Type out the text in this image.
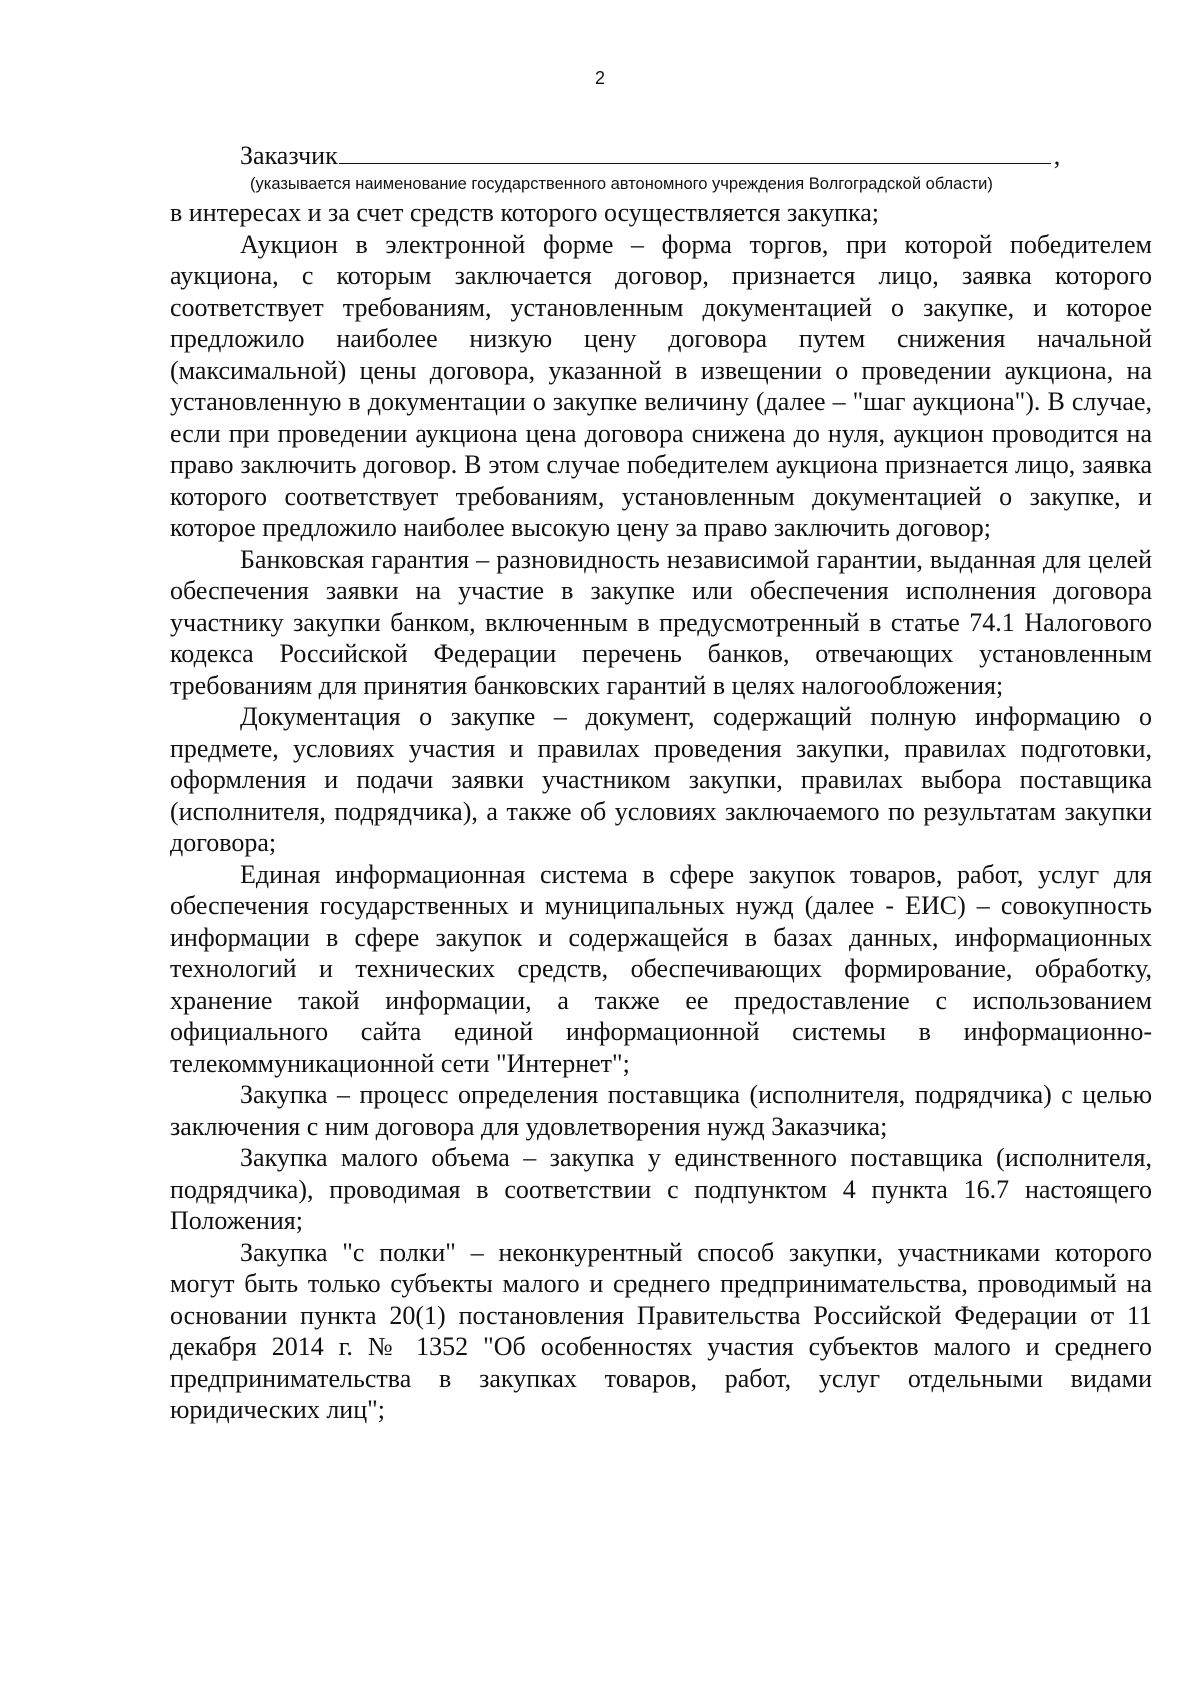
2
Заказчик	,
(указывается наименование государственного автономного учреждения Волгоградской области)

в интересах и за счет средств которого осуществляется закупка;

Аукцион в электронной форме – форма торгов, при которой победителем аукциона, с которым заключается договор, признается лицо, заявка которого соответствует требованиям, установленным документацией о закупке, и которое предложило наиболее низкую цену договора путем снижения начальной (максимальной) цены договора, указанной в извещении о проведении аукциона, на установленную в документации о закупке величину (далее – "шаг аукциона"). В случае, если при проведении аукциона цена договора снижена до нуля, аукцион проводится на право заключить договор. В этом случае победителем аукциона признается лицо, заявка которого соответствует требованиям, установленным документацией о закупке, и которое предложило наиболее высокую цену за право заключить договор;

Банковская гарантия – разновидность независимой гарантии, выданная для целей обеспечения заявки на участие в закупке или обеспечения исполнения договора участнику закупки банком, включенным в предусмотренный в статье 74.1 Налогового кодекса Российской Федерации перечень банков, отвечающих установленным требованиям для принятия банковских гарантий в целях налогообложения;

Документация о закупке – документ, содержащий полную информацию о предмете, условиях участия и правилах проведения закупки, правилах подготовки, оформления и подачи заявки участником закупки, правилах выбора поставщика (исполнителя, подрядчика), а также об условиях заключаемого по результатам закупки договора;

Единая информационная система в сфере закупок товаров, работ, услуг для обеспечения государственных и муниципальных нужд (далее - ЕИС) – совокупность информации в сфере закупок и содержащейся в базах данных, информационных технологий и технических средств, обеспечивающих формирование, обработку, хранение такой информации, а также ее предоставление с использованием официального сайта единой информационной системы в информационно-телекоммуникационной сети "Интернет";

Закупка – процесс определения поставщика (исполнителя, подрядчика) с целью заключения с ним договора для удовлетворения нужд Заказчика;

Закупка малого объема – закупка у единственного поставщика (исполнителя, подрядчика), проводимая в соответствии с подпунктом 4 пункта 16.7 настоящего Положения;

Закупка "с полки" – неконкурентный способ закупки, участниками которого могут быть только субъекты малого и среднего предпринимательства, проводимый на основании пункта 20(1) постановления Правительства Российской Федерации от 11 декабря 2014 г. № 1352 "Об особенностях участия субъектов малого и среднего предпринимательства в закупках товаров, работ, услуг отдельными видами юридических лиц";
